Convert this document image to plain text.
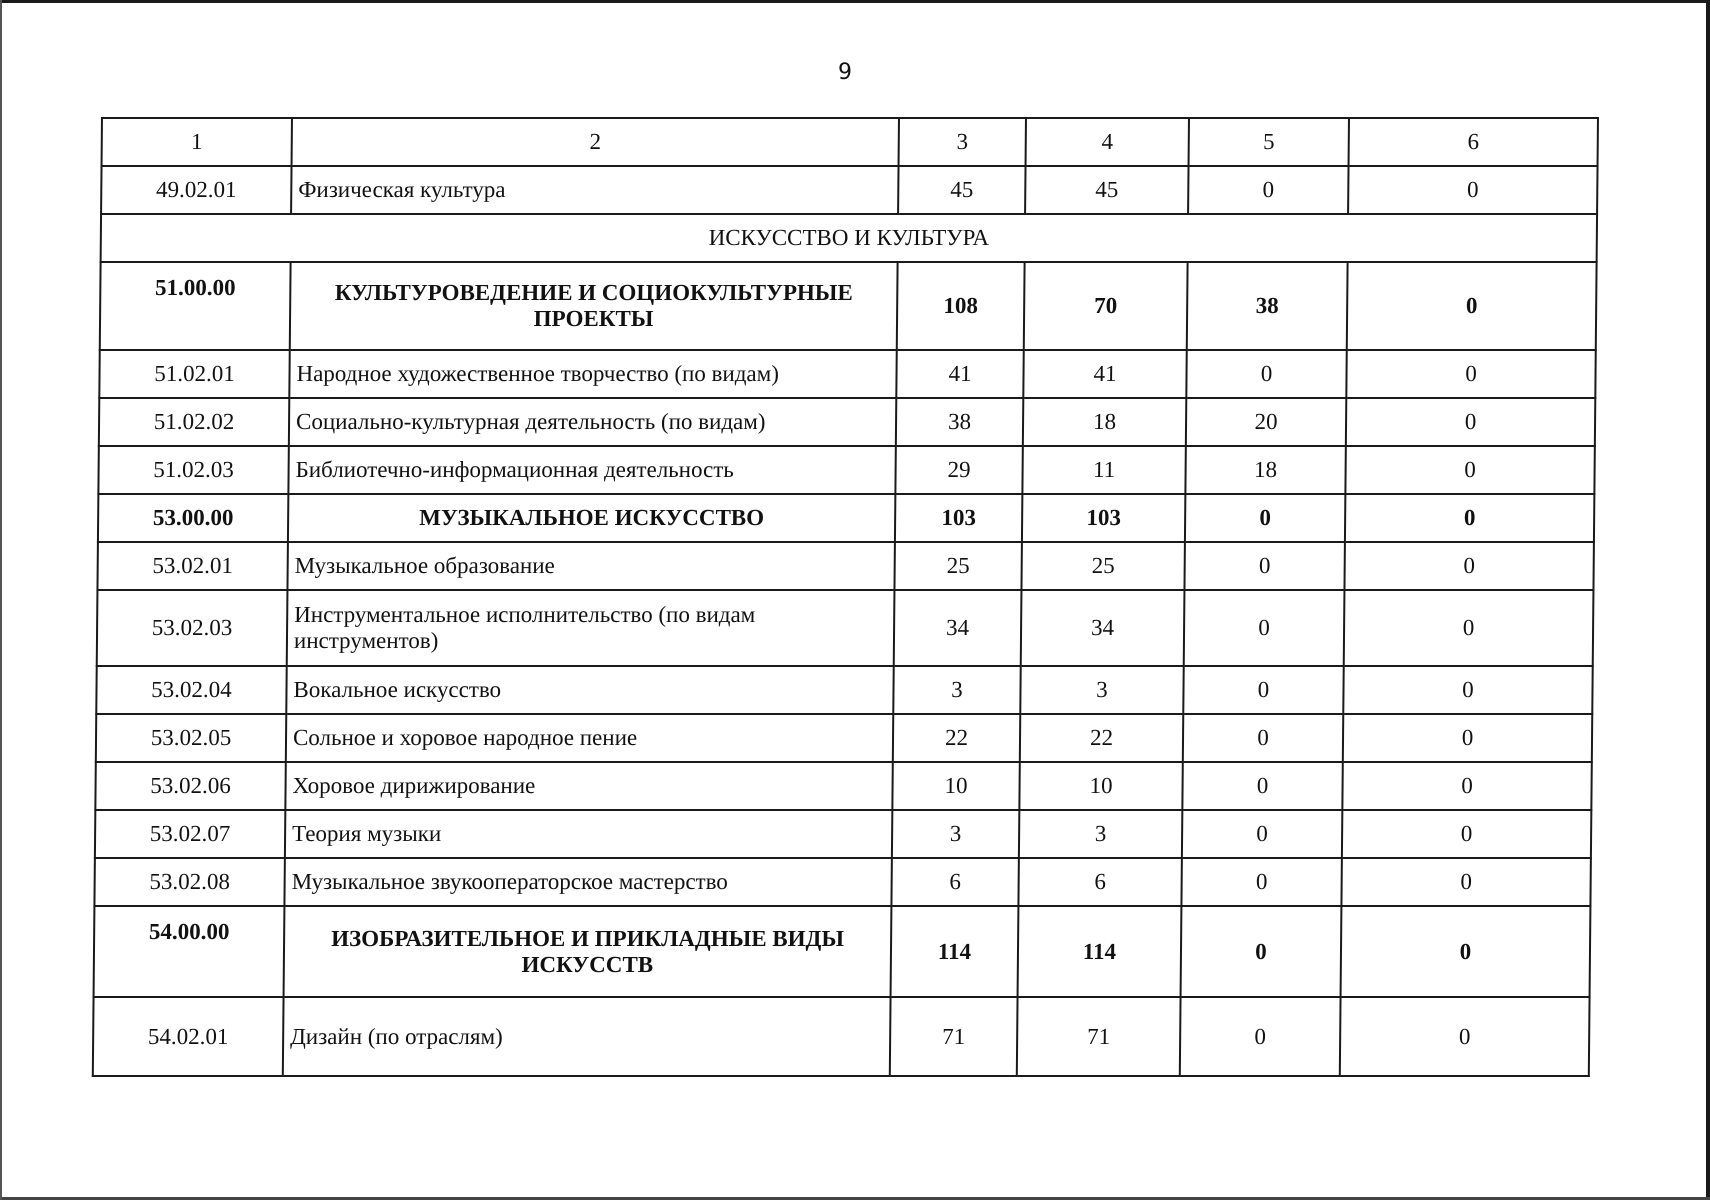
9
1	2	3	4	5	6
49.02.01	Физическая культура	45	45	0	0
ИСКУССТВО И КУЛЬТУРА					
51.00.00	КУЛЬТУРОВЕДЕНИЕ И СОЦИОКУЛЬТУРНЫЕ ПРОЕКТЫ	108	70	38	0
51.02.01	Народное художественное творчество (по видам)	41	41	0	0
51.02.02	Социально-культурная деятельность (по видам)	38	18	20	0
51.02.03	Библиотечно-информационная деятельность	29	11	18	0
53.00.00	МУЗЫКАЛЬНОЕ ИСКУССТВО	103	103	0	0
53.02.01	Музыкальное образование	25	25	0	0
53.02.03	Инструментальное исполнительство (по видам инструментов)	34	34	0	0
53.02.04	Вокальное искусство	3	3	0	0
53.02.05	Сольное и хоровое народное пение	22	22	0	0
53.02.06	Хоровое дирижирование	10	10	0	0
53.02.07	Теория музыки	3	3	0	0
53.02.08	Музыкальное звукооператорское мастерство	6	6	0	0
54.00.00	ИЗОБРАЗИТЕЛЬНОЕ И ПРИКЛАДНЫЕ ВИДЫ ИСКУССТВ	114	114	0	0
54.02.01	Дизайн (по отраслям)	71	71	0	0
